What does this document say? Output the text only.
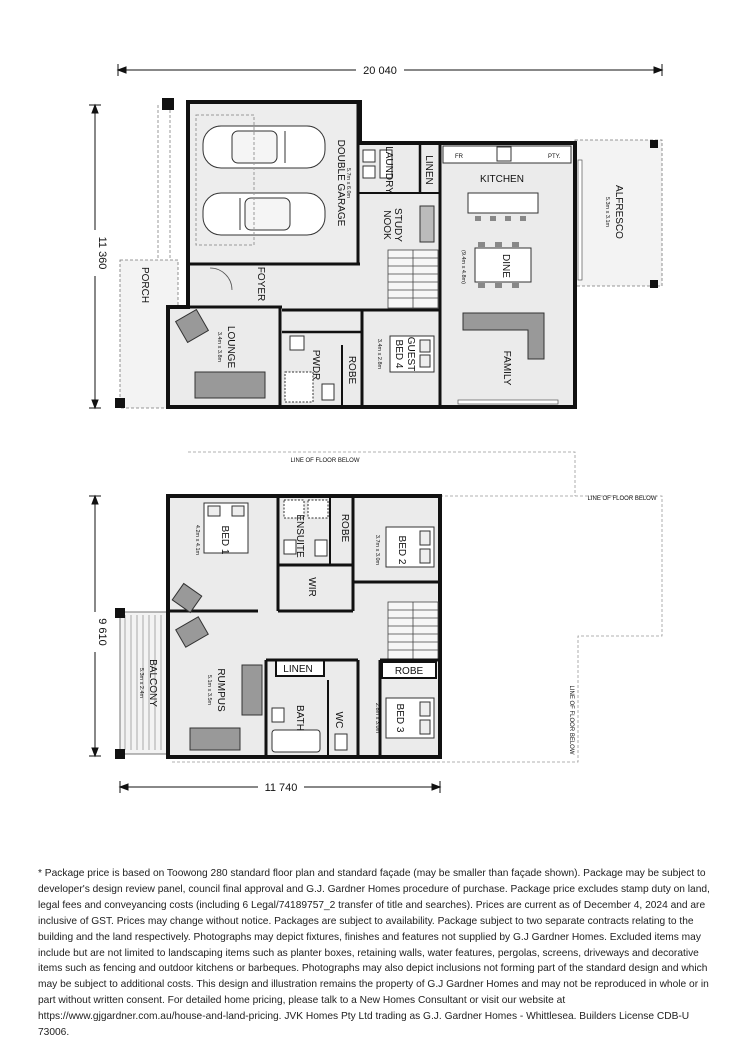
20 040
11 360
9 610
11 740
DOUBLE GARAGE 5.7m x 6.0m	LAUNDRY	LINEN
STUDY
NOOK
FR	PTY.
KITCHEN
DINE
(9.4m x 4.8m)
FAMILY
ALFRESCO
5.3m x 3.1m
PORCH	FOYER
LOUNGE
3.4m x 3.8m
PWDR	ROBE	GUEST
BED 4
3.4m x 2.8m
LINE OF FLOOR BELOW
LINE OF FLOOR BELOW
LINE OF FLOOR BELOW
BALCONY
5.3m x 2.4m
BED 1
4.2m x 4.1m	ENSUITE	ROBE
WIR
BED 2
3.7m x 3.0m
RUMPUS
5.1m x 3.5m
LINEN
BATH	WC
ROBE
BED 3
2.8m x 3.0m
* Package price is based on Toowong 280 standard floor plan and standard façade (may be smaller than façade shown). Package may be subject to developer's design review panel, council final approval and G.J. Gardner Homes procedure of purchase. Package price excludes stamp duty on land, legal fees and conveyancing costs (including 6 Legal/74189757_2 transfer of title and searches). Prices are current as of December 4, 2024 and are inclusive of GST. Prices may change without notice. Packages are subject to availability. Package subject to two separate contracts relating to the building and the land respectively. Photographs may depict fixtures, finishes and features not supplied by G.J Gardner Homes. Excluded items may include but are not limited to landscaping items such as planter boxes, retaining walls, water features, pergolas, screens, driveways and decorative items such as fencing and outdoor kitchens or barbeques. Photographs may also depict inclusions not forming part of the standard design and which may be subject to additional costs. This design and illustration remains the property of G.J Gardner Homes and may not be reproduced in whole or in part without written consent. For detailed home pricing, please talk to a New Homes Consultant or visit our website at https://www.gjgardner.com.au/house-and-land-pricing. JVK Homes Pty Ltd trading as G.J. Gardner Homes - Whittlesea. Builders License CDB-U 73006.
